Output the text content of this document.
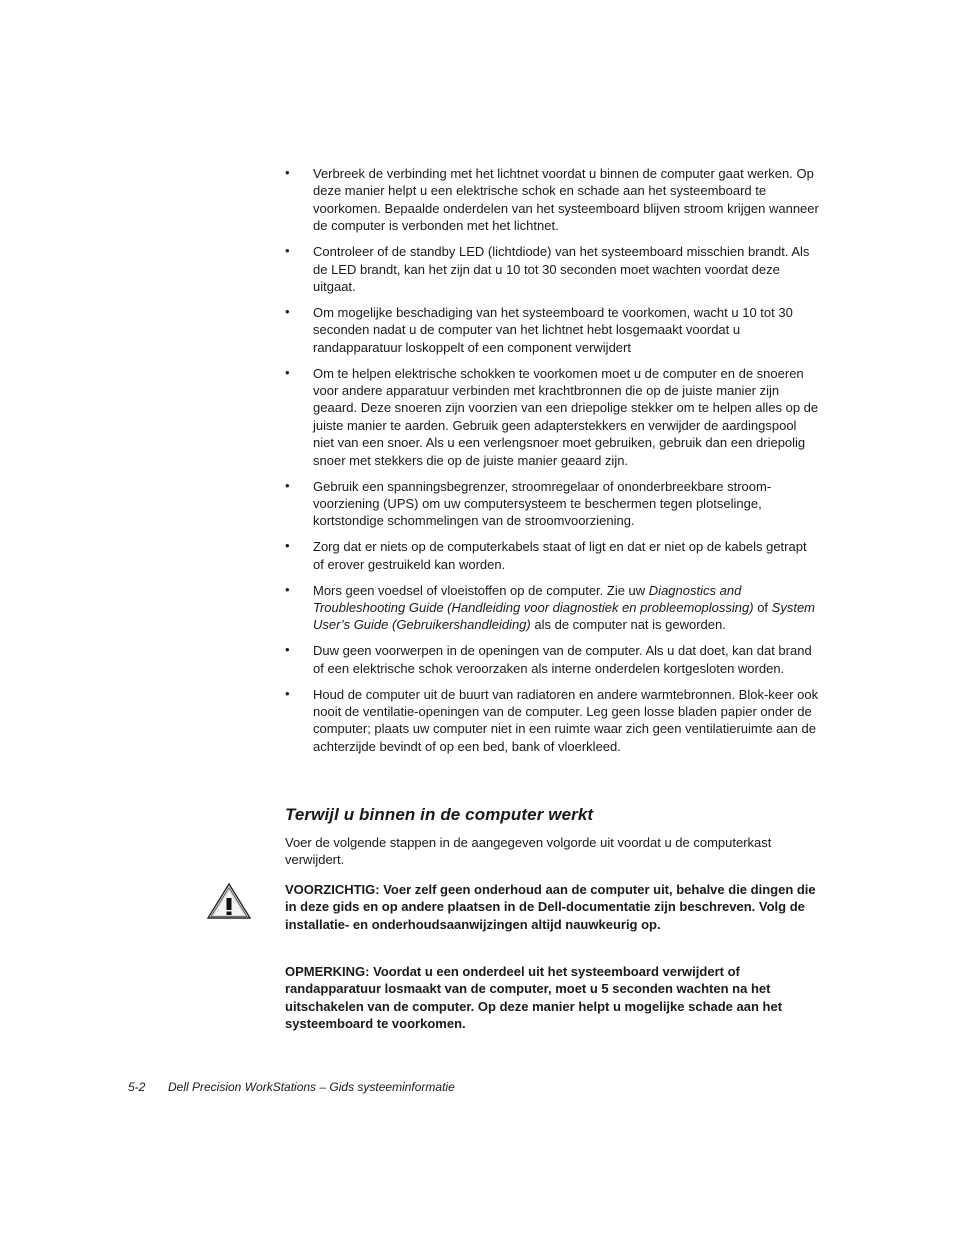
• Verbreek de verbinding met het lichtnet voordat u binnen de computer gaat werken. Op deze manier helpt u een elektrische schok en schade aan het systeemboard te voorkomen. Bepaalde onderdelen van het systeemboard blijven stroom krijgen wanneer de computer is verbonden met het lichtnet.
• Controleer of de standby LED (lichtdiode) van het systeemboard misschien brandt. Als de LED brandt, kan het zijn dat u 10 tot 30 seconden moet wachten voordat deze uitgaat.
• Om mogelijke beschadiging van het systeemboard te voorkomen, wacht u 10 tot 30 seconden nadat u de computer van het lichtnet hebt losgemaakt voordat u randapparatuur loskoppelt of een component verwijdert
• Om te helpen elektrische schokken te voorkomen moet u de computer en de snoeren voor andere apparatuur verbinden met krachtbronnen die op de juiste manier zijn geaard. Deze snoeren zijn voorzien van een driepolige stekker om te helpen alles op de juiste manier te aarden. Gebruik geen adapterstekkers en verwijder de aardingspool niet van een snoer. Als u een verlengsnoer moet gebruiken, gebruik dan een driepolig snoer met stekkers die op de juiste manier geaard zijn.
• Gebruik een spanningsbegrenzer, stroomregelaar of ononderbreekbare stroom-voorziening (UPS) om uw computersysteem te beschermen tegen plotselinge, kortstondige schommelingen van de stroomvoorziening.
• Zorg dat er niets op de computerkabels staat of ligt en dat er niet op de kabels getrapt of erover gestruikeld kan worden.
• Mors geen voedsel of vloeistoffen op de computer. Zie uw Diagnostics and Troubleshooting Guide (Handleiding voor diagnostiek en probleemoplossing) of System User’s Guide (Gebruikershandleiding) als de computer nat is geworden.
• Duw geen voorwerpen in de openingen van de computer. Als u dat doet, kan dat brand of een elektrische schok veroorzaken als interne onderdelen kortgesloten worden.
• Houd de computer uit de buurt van radiatoren en andere warmtebronnen. Blok-keer ook nooit de ventilatie-openingen van de computer. Leg geen losse bladen papier onder de computer; plaats uw computer niet in een ruimte waar zich geen ventilatieruimte aan de achterzijde bevindt of op een bed, bank of vloerkleed.
Terwijl u binnen in de computer werkt

Voer de volgende stappen in de aangegeven volgorde uit voordat u de computerkast verwijdert.

VOORZICHTIG: Voer zelf geen onderhoud aan de computer uit, behalve die dingen die in deze gids en op andere plaatsen in de Dell-documentatie zijn beschreven. Volg de installatie- en onderhoudsaanwijzingen altijd nauwkeurig op.

OPMERKING: Voordat u een onderdeel uit het systeemboard verwijdert of randapparatuur losmaakt van de computer, moet u 5 seconden wachten na het uitschakelen van de computer. Op deze manier helpt u mogelijke schade aan het systeemboard te voorkomen.

5-2 Dell Precision WorkStations – Gids systeeminformatie
